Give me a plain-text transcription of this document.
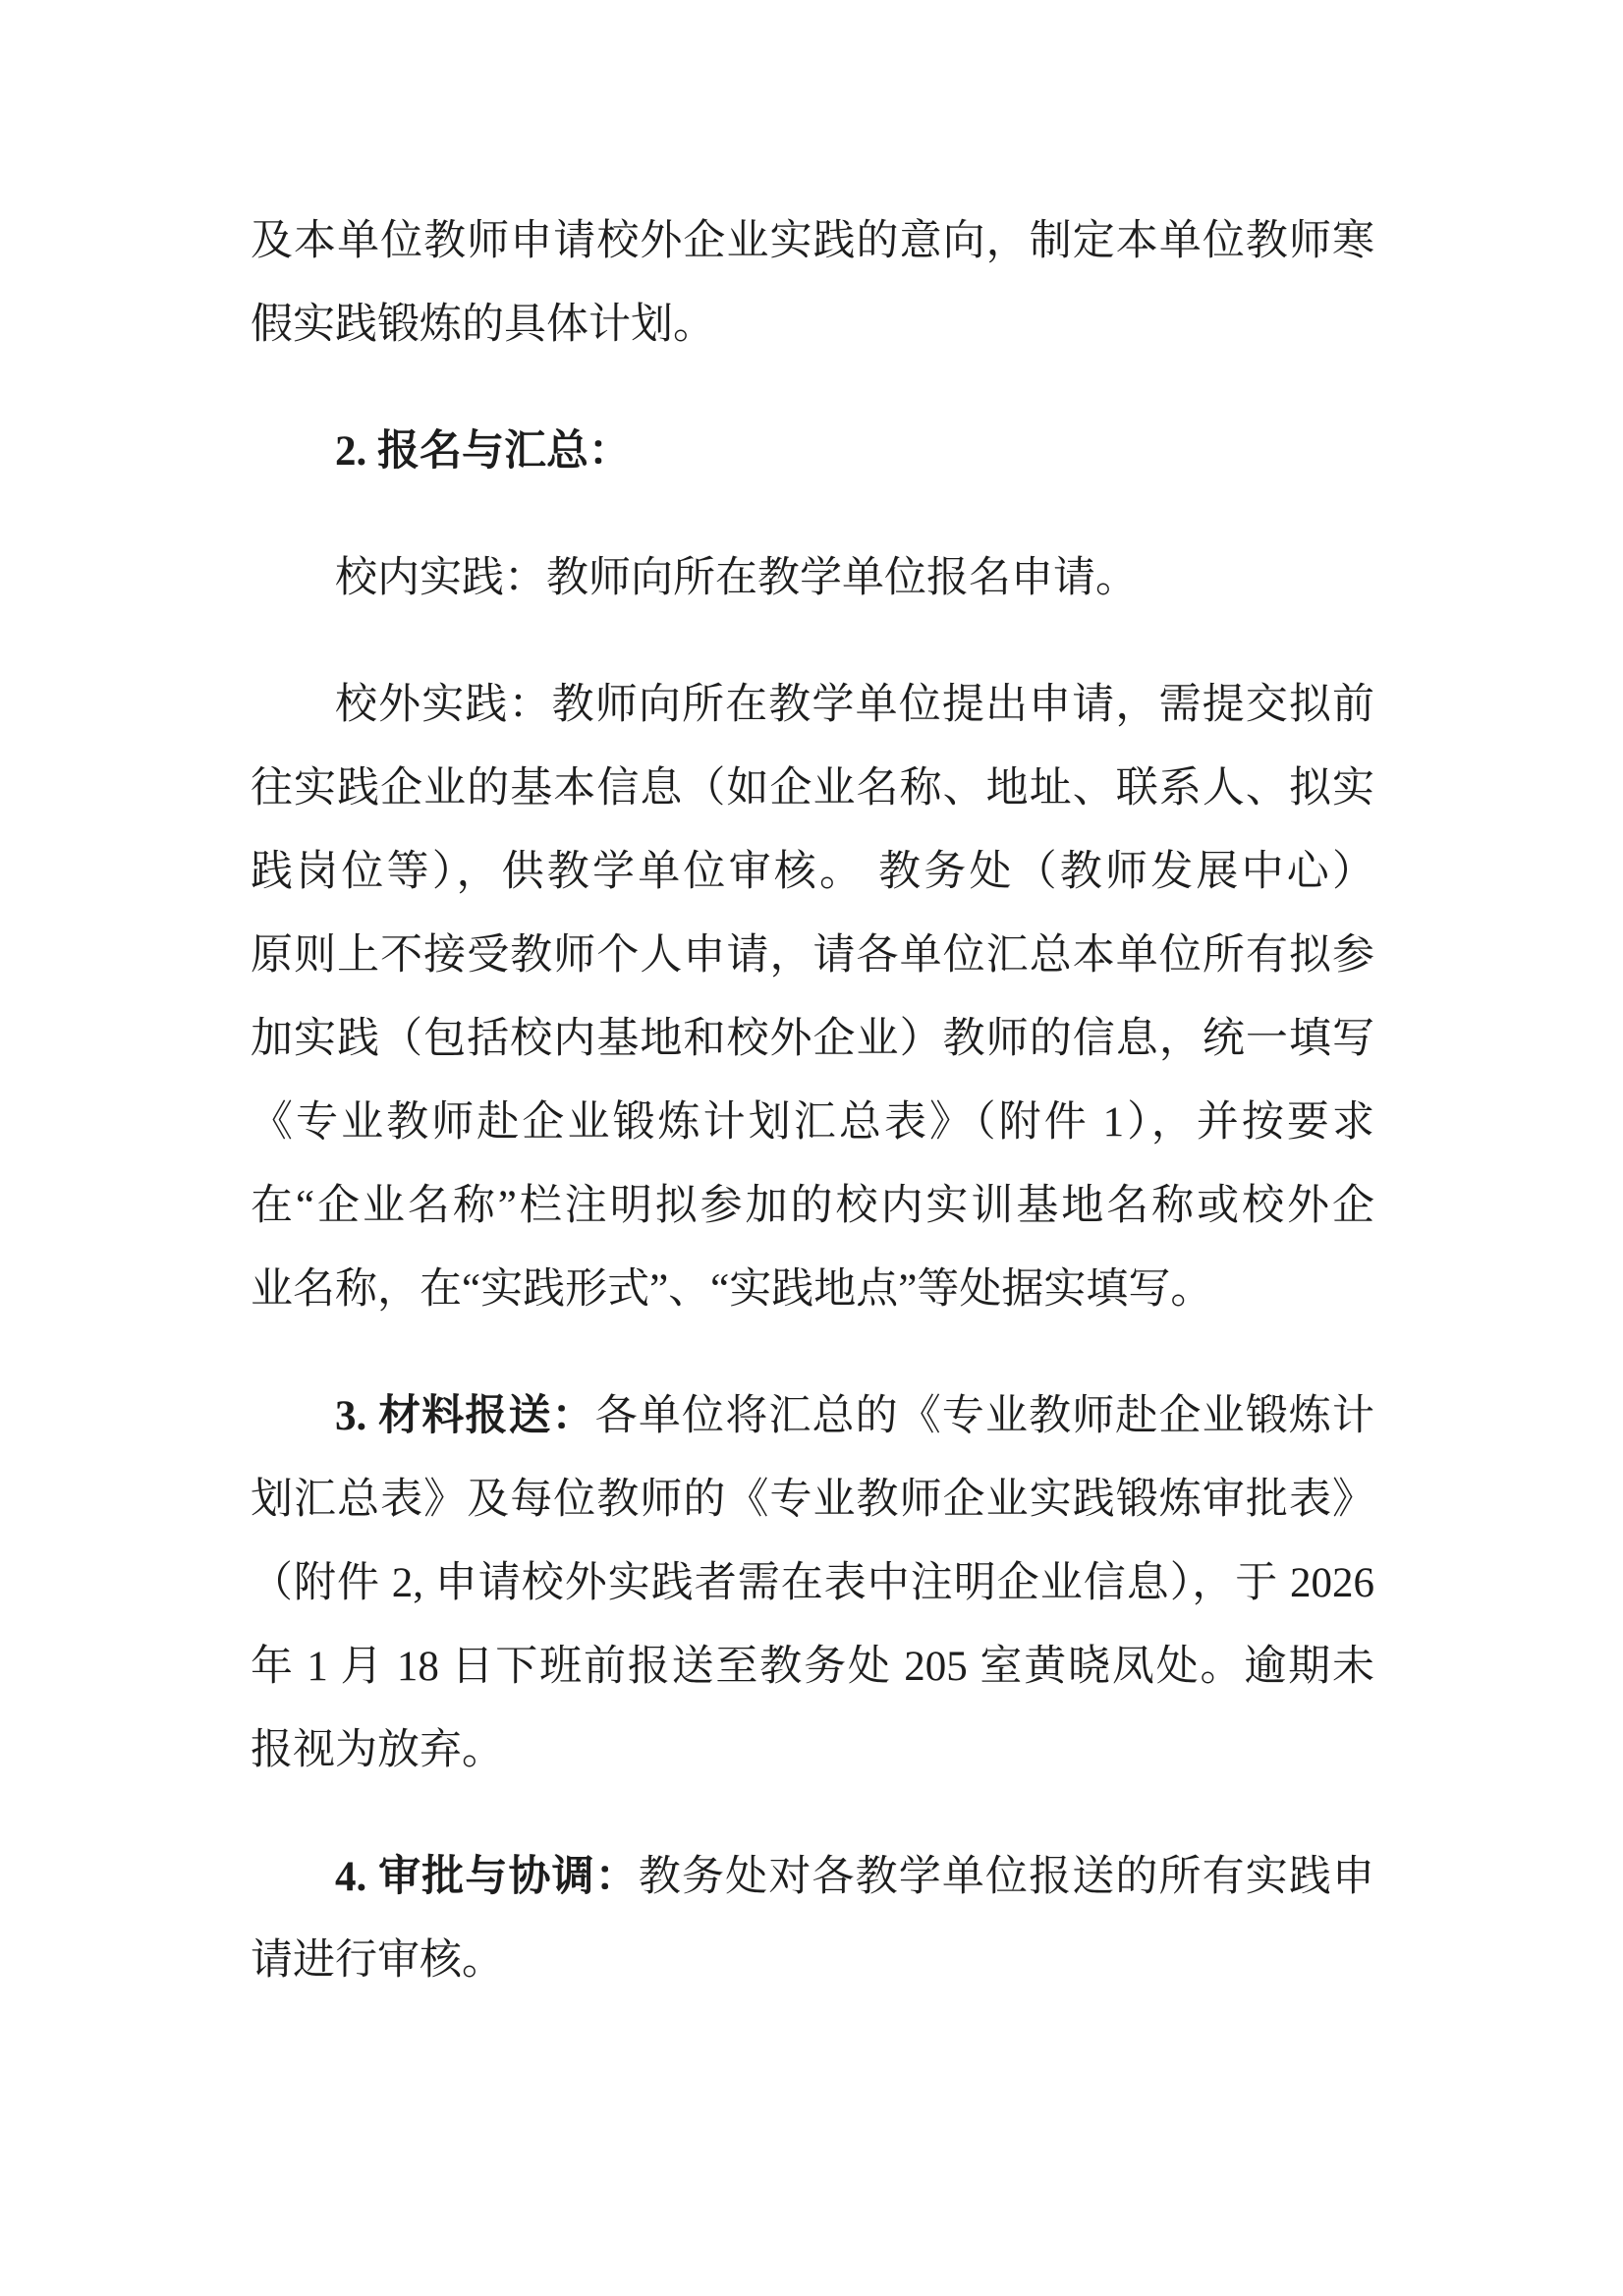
及本单位教师申请校外企业实践的意向，制定本单位教师寒
假实践锻炼的具体计划。
2. 报名与汇总：
校内实践：教师向所在教学单位报名申请。
校外实践：教师向所在教学单位提出申请，需提交拟前
往实践企业的基本信息（如企业名称、地址、联系人、拟实
践岗位等），供教学单位审核。 教务处（教师发展中心）
原则上不接受教师个人申请，请各单位汇总本单位所有拟参
加实践（包括校内基地和校外企业）教师的信息，统一填写
《专业教师赴企业锻炼计划汇总表》（附件 1），并按要求
在“企业名称”栏注明拟参加的校内实训基地名称或校外企
业名称，在“实践形式”、“实践地点”等处据实填写。
3. 材料报送：各单位将汇总的《专业教师赴企业锻炼计
划汇总表》及每位教师的《专业教师企业实践锻炼审批表》
（附件 2, 申请校外实践者需在表中注明企业信息），于 2026
年 1 月 18 日下班前报送至教务处 205 室黄晓凤处。逾期未
报视为放弃。
4. 审批与协调：教务处对各教学单位报送的所有实践申
请进行审核。
